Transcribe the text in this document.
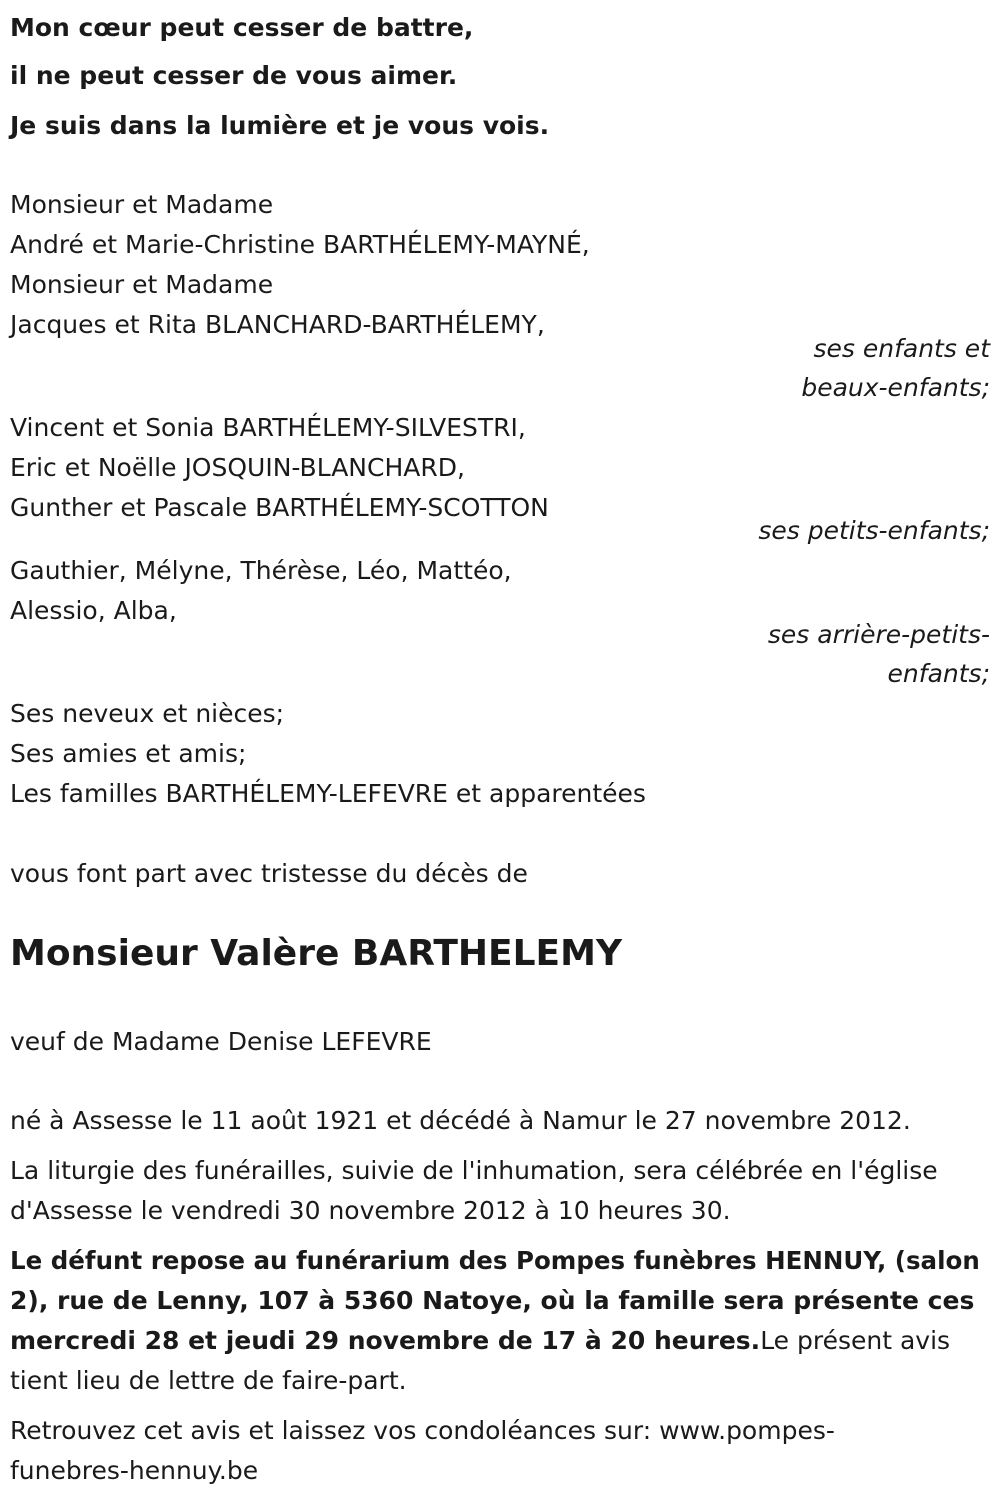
Mon cœur peut cesser de battre,
il ne peut cesser de vous aimer.
Je suis dans la lumière et je vous vois.
Monsieur et Madame
André et Marie-Christine BARTHÉLEMY-MAYNÉ,
Monsieur et Madame
Jacques et Rita BLANCHARD-BARTHÉLEMY,
ses enfants et
beaux-enfants;
Vincent et Sonia BARTHÉLEMY-SILVESTRI,
Eric et Noëlle JOSQUIN-BLANCHARD,
Gunther et Pascale BARTHÉLEMY-SCOTTON
ses petits-enfants;
Gauthier, Mélyne, Thérèse, Léo, Mattéo,
Alessio, Alba,
ses arrière-petits-
enfants;
Ses neveux et nièces;
Ses amies et amis;
Les familles BARTHÉLEMY-LEFEVRE et apparentées
vous font part avec tristesse du décès de
Monsieur Valère BARTHELEMY
veuf de Madame Denise LEFEVRE
né à Assesse le 11 août 1921 et décédé à Namur le 27 novembre 2012.
La liturgie des funérailles, suivie de l'inhumation, sera célébrée en l'église
d'Assesse le vendredi 30 novembre 2012 à 10 heures 30.
Le défunt repose au funérarium des Pompes funèbres HENNUY, (salon
2), rue de Lenny, 107 à 5360 Natoye, où la famille sera présente ces
mercredi 28 et jeudi 29 novembre de 17 à 20 heures.Le présent avis
tient lieu de lettre de faire-part.
Retrouvez cet avis et laissez vos condoléances sur: www.pompes-
funebres-hennuy.be
